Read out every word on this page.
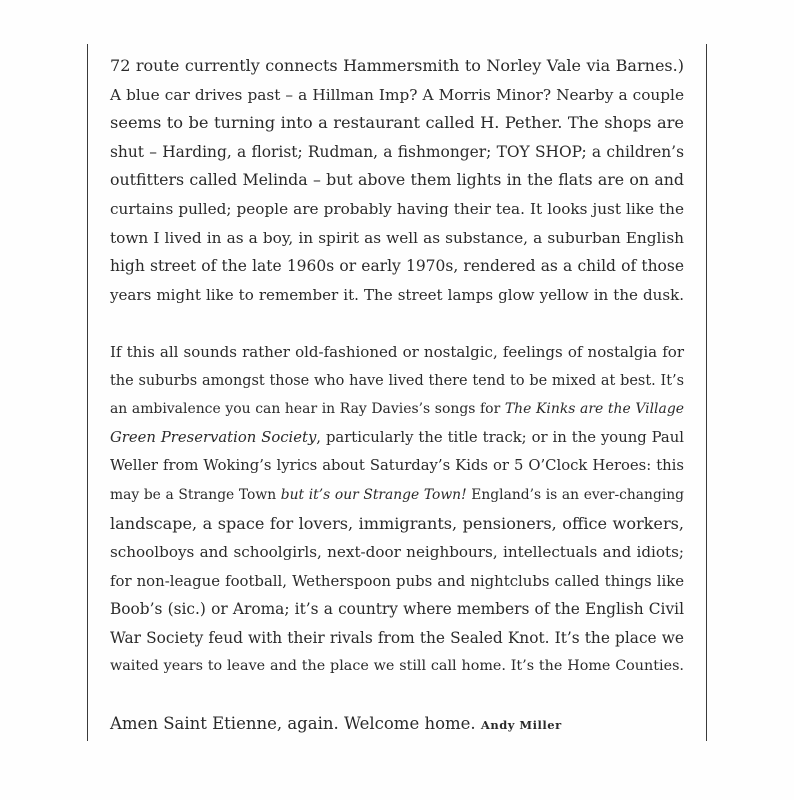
72 route currently connects Hammersmith to Norley Vale via Barnes.)
A blue car drives past – a Hillman Imp? A Morris Minor? Nearby a couple
seems to be turning into a restaurant called H. Pether. The shops are
shut – Harding, a florist; Rudman, a fishmonger; TOY SHOP; a children’s
outfitters called Melinda – but above them lights in the flats are on and
curtains pulled; people are probably having their tea. It looks just like the
town I lived in as a boy, in spirit as well as substance, a suburban English
high street of the late 1960s or early 1970s, rendered as a child of those
years might like to remember it. The street lamps glow yellow in the dusk.

If this all sounds rather old-fashioned or nostalgic, feelings of nostalgia for
the suburbs amongst those who have lived there tend to be mixed at best. It’s
an ambivalence you can hear in Ray Davies’s songs for The Kinks are the Village
Green Preservation Society, particularly the title track; or in the young Paul
Weller from Woking’s lyrics about Saturday’s Kids or 5 O’Clock Heroes: this
may be a Strange Town but it’s our Strange Town! England’s is an ever-changing
landscape, a space for lovers, immigrants, pensioners, office workers,
schoolboys and schoolgirls, next-door neighbours, intellectuals and idiots;
for non-league football, Wetherspoon pubs and nightclubs called things like
Boob’s (sic.) or Aroma; it’s a country where members of the English Civil
War Society feud with their rivals from the Sealed Knot. It’s the place we
waited years to leave and the place we still call home. It’s the Home Counties.

Amen Saint Etienne, again. Welcome home. Andy Miller
